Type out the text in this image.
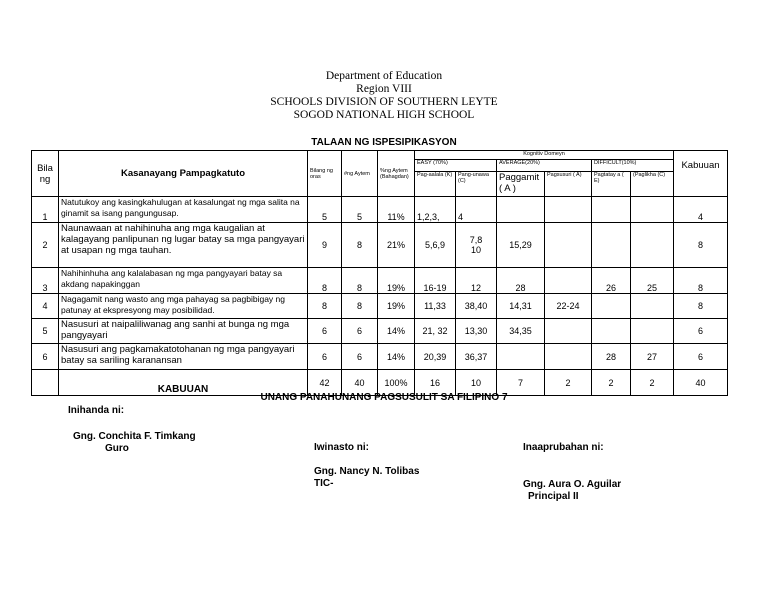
Department of Education
Region VIII
SCHOOLS DIVISION OF SOUTHERN LEYTE
SOGOD NATIONAL HIGH SCHOOL
TALAAN NG ISPESIPIKASYON
Bila ng	Kasanayang Pampagkatuto	Bilang ng oras	#ng Aytem	%ng Aytem (Bahagdan)	Kognitiv Domeyn						
					EASY (70%)		AVERAGE(20%)		DIFFICULT(10%)		Kabuuan
					Pag-aalala (K)	Pang-unawa (C)	Paggamit ( A )	Pagsusuri ( A)	Pagtatay a ( E)	(Paglikha (C)	
1	Natutukoy ang kasingkahulugan at kasalungat ng mga salita na ginamit sa isang pangungusap.	5	5	11%	1,2,3,	4					4
2	Naunawaan at nahihinuha ang mga kaugalian at kalagayang panlipunan ng lugar batay sa mga pangyayari at usapan ng mga tauhan.	9	8	21%	5,6,9	7,8 10	15,29				8
3	Nahihinhuha ang kalalabasan ng mga pangyayari batay sa akdang napakinggan	8	8	19%	16-19	12	28		26	25	8
4	Nagagamit nang wasto ang mga pahayag sa pagbibigay ng patunay at ekspresyong may posibilidad.	8	8	19%	11,33	38,40	14,31	22-24			8
5	Nasusuri at naipaliliwanag ang sanhi at bunga ng mga pangyayari	6	6	14%	21, 32	13,30	34,35				6
6	Nasusuri ang pagkamakatotohanan ng mga pangyayari batay sa sariling karanansan	6	6	14%	20,39	36,37			28	27	6
	KABUUAN	42	40	100%	16	10	7	2	2	2	40
UNANG PANAHUNANG PAGSUSULIT SA FILIPINO 7
Inihanda ni:
Gng. Conchita F. Timkang
Guro	Iwinasto ni:
Gng. Nancy N. Tolibas
TIC-
Inaaprubahan ni:
Gng. Aura O. Aguilar
Principal II
